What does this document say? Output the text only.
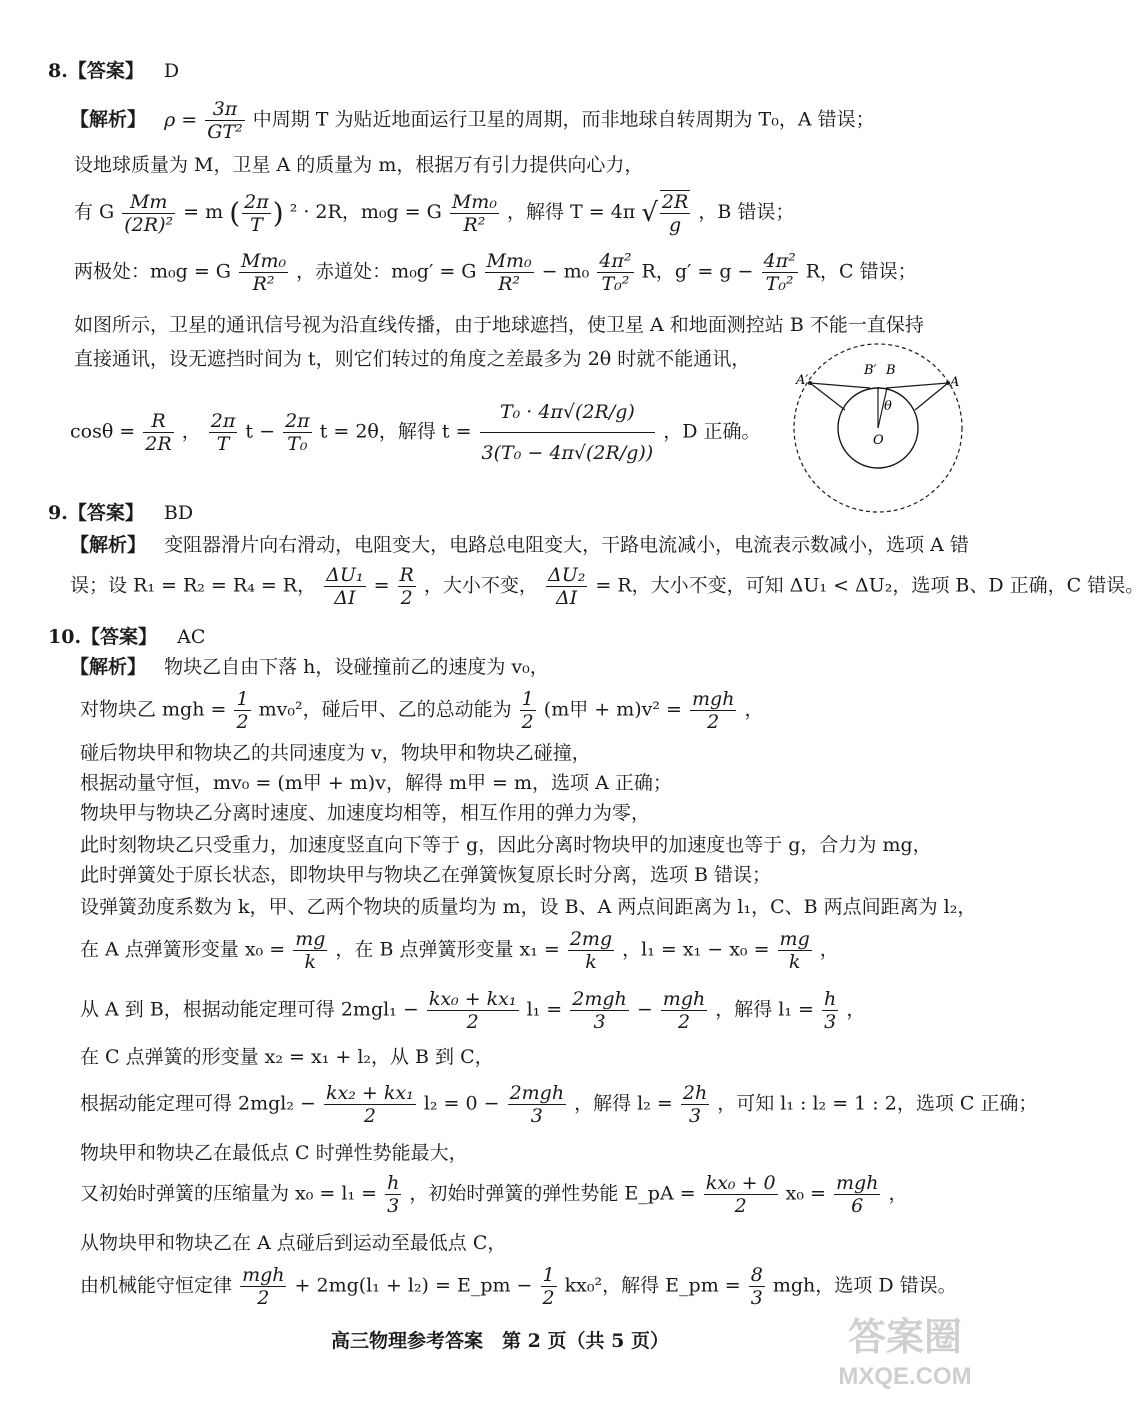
8.【答案】 D
【解析】 $\rho = \frac{3\pi}{\text{GT²}}$ 中周期 T 为贴近地面运行卫星的周期，而非地球自转周期为 T₀，A 错误；
设地球质量为 M，卫星 A 的质量为 m，根据万有引力提供向心力，
有 G $\frac{Mm}{\text{(2R)²}} = m$ ( $\frac{2\pi}{T}$ ) ² · 2R，m₀g = G $\frac{\text{Mm₀}}{\text{R²}}$ ，解得 T = 4π √ $\frac{2R}{g}$ ，B 错误；
两极处：m₀g = G $\frac{\text{Mm₀}}{\text{R²}}$ ，赤道处：m₀g′ = G $\frac{\text{Mm₀}}{\text{R²}} - m_0 \frac{\text{4π²}}{\text{T₀²}}$ R，$g' = g - \frac{\text{4π²}}{\text{T₀²}}$ R，C 错误；
如图所示，卫星的通讯信号视为沿直线传播，由于地球遮挡，使卫星 A 和地面测控站 B 不能一直保持
直接通讯，设无遮挡时间为 t，则它们转过的角度之差最多为 2θ 时就不能通讯，
$\cos\theta = \frac{R}{2R}$ ， $\frac{2\pi}{T}$ $t - \frac{2\pi}{\text{T₀}}$ t = 2θ，解得 $t = \frac{\text{T₀ · 4π√(2R/g)}}{\text{3(T₀ − 4π√(2R/g))}}$ ，D 正确。
A′
B′ B
A
θ
O
9.【答案】 BD
【解析】 变阻器滑片向右滑动，电阻变大，电路总电阻变大，干路电流减小，电流表示数减小，选项 A 错
误；设 R₁ = R₂ = R₄ = R， $\frac{\text{ΔU₁}}{\Delta I} = \frac{R}{2}$ ，大小不变， $\frac{\text{ΔU₂}}{\Delta I} = R$，大小不变，可知 ΔU₁ < ΔU₂，选项 B、D 正确，C 错误。
10.【答案】 AC
【解析】 物块乙自由下落 h，设碰撞前乙的速度为 v₀，
对物块乙 mgh = $\frac{1}{2} mv_0^2$，碰后甲、乙的总动能为 $\frac{1}{2} (m$甲 + $m)v^2 = \frac{\text{mgh}}{2}$ ，
碰后物块甲和物块乙的共同速度为 v，物块甲和物块乙碰撞，
根据动量守恒，mv₀ = (m甲 + m)v，解得 m甲 = m，选项 A 正确；
物块甲与物块乙分离时速度、加速度均相等，相互作用的弹力为零，
此时刻物块乙只受重力，加速度竖直向下等于 g，因此分离时物块甲的加速度也等于 g，合力为 mg，
此时弹簧处于原长状态，即物块甲与物块乙在弹簧恢复原长时分离，选项 B 错误；
设弹簧劲度系数为 k，甲、乙两个物块的质量均为 m，设 B、A 两点间距离为 l₁，C、B 两点间距离为 l₂，
在 A 点弹簧形变量 $x_0 = \frac{mg}{k}$ ，在 B 点弹簧形变量 $x_1 = \frac{2mg}{k}$ ，$l_1 = x_1 - x_0 = \frac{mg}{k}$ ，
从 A 到 B，根据动能定理可得 $2mgl_1 - \frac{\text{kx₀ + kx₁}}{2} l_1 = \frac{\text{2mgh}}{3} - \frac{\text{mgh}}{2}$ ，解得 $l_1 = \frac{h}{3}$ ，
在 C 点弹簧的形变量 x₂ = x₁ + l₂，从 B 到 C，
根据动能定理可得 $2mgl_2 - \frac{\text{kx₂ + kx₁}}{2} l_2 = 0 - \frac{\text{2mgh}}{3}$ ，解得 $l_2 = \frac{2h}{3}$ ，可知 l₁ : l₂ = 1 : 2，选项 C 正确；
物块甲和物块乙在最低点 C 时弹性势能最大，
又初始时弹簧的压缩量为 $x_0 = l_1 = \frac{h}{3}$ ，初始时弹簧的弹性势能 E_pA = $\frac{\text{kx₀ + 0}}{2} x_0 = \frac{\text{mgh}}{6}$ ，
从物块甲和物块乙在 A 点碰后到运动至最低点 C，
由机械能守恒定律 $\frac{\text{mgh}}{2} + 2mg(l_1 + l_2)$ = E_pm − $\frac{1}{2} kx_0^2$，解得 E_pm = $\frac{8}{3}$ mgh，选项 D 错误。
高三物理参考答案　第 2 页（共 5 页）	答案圈
MXQE.COM
